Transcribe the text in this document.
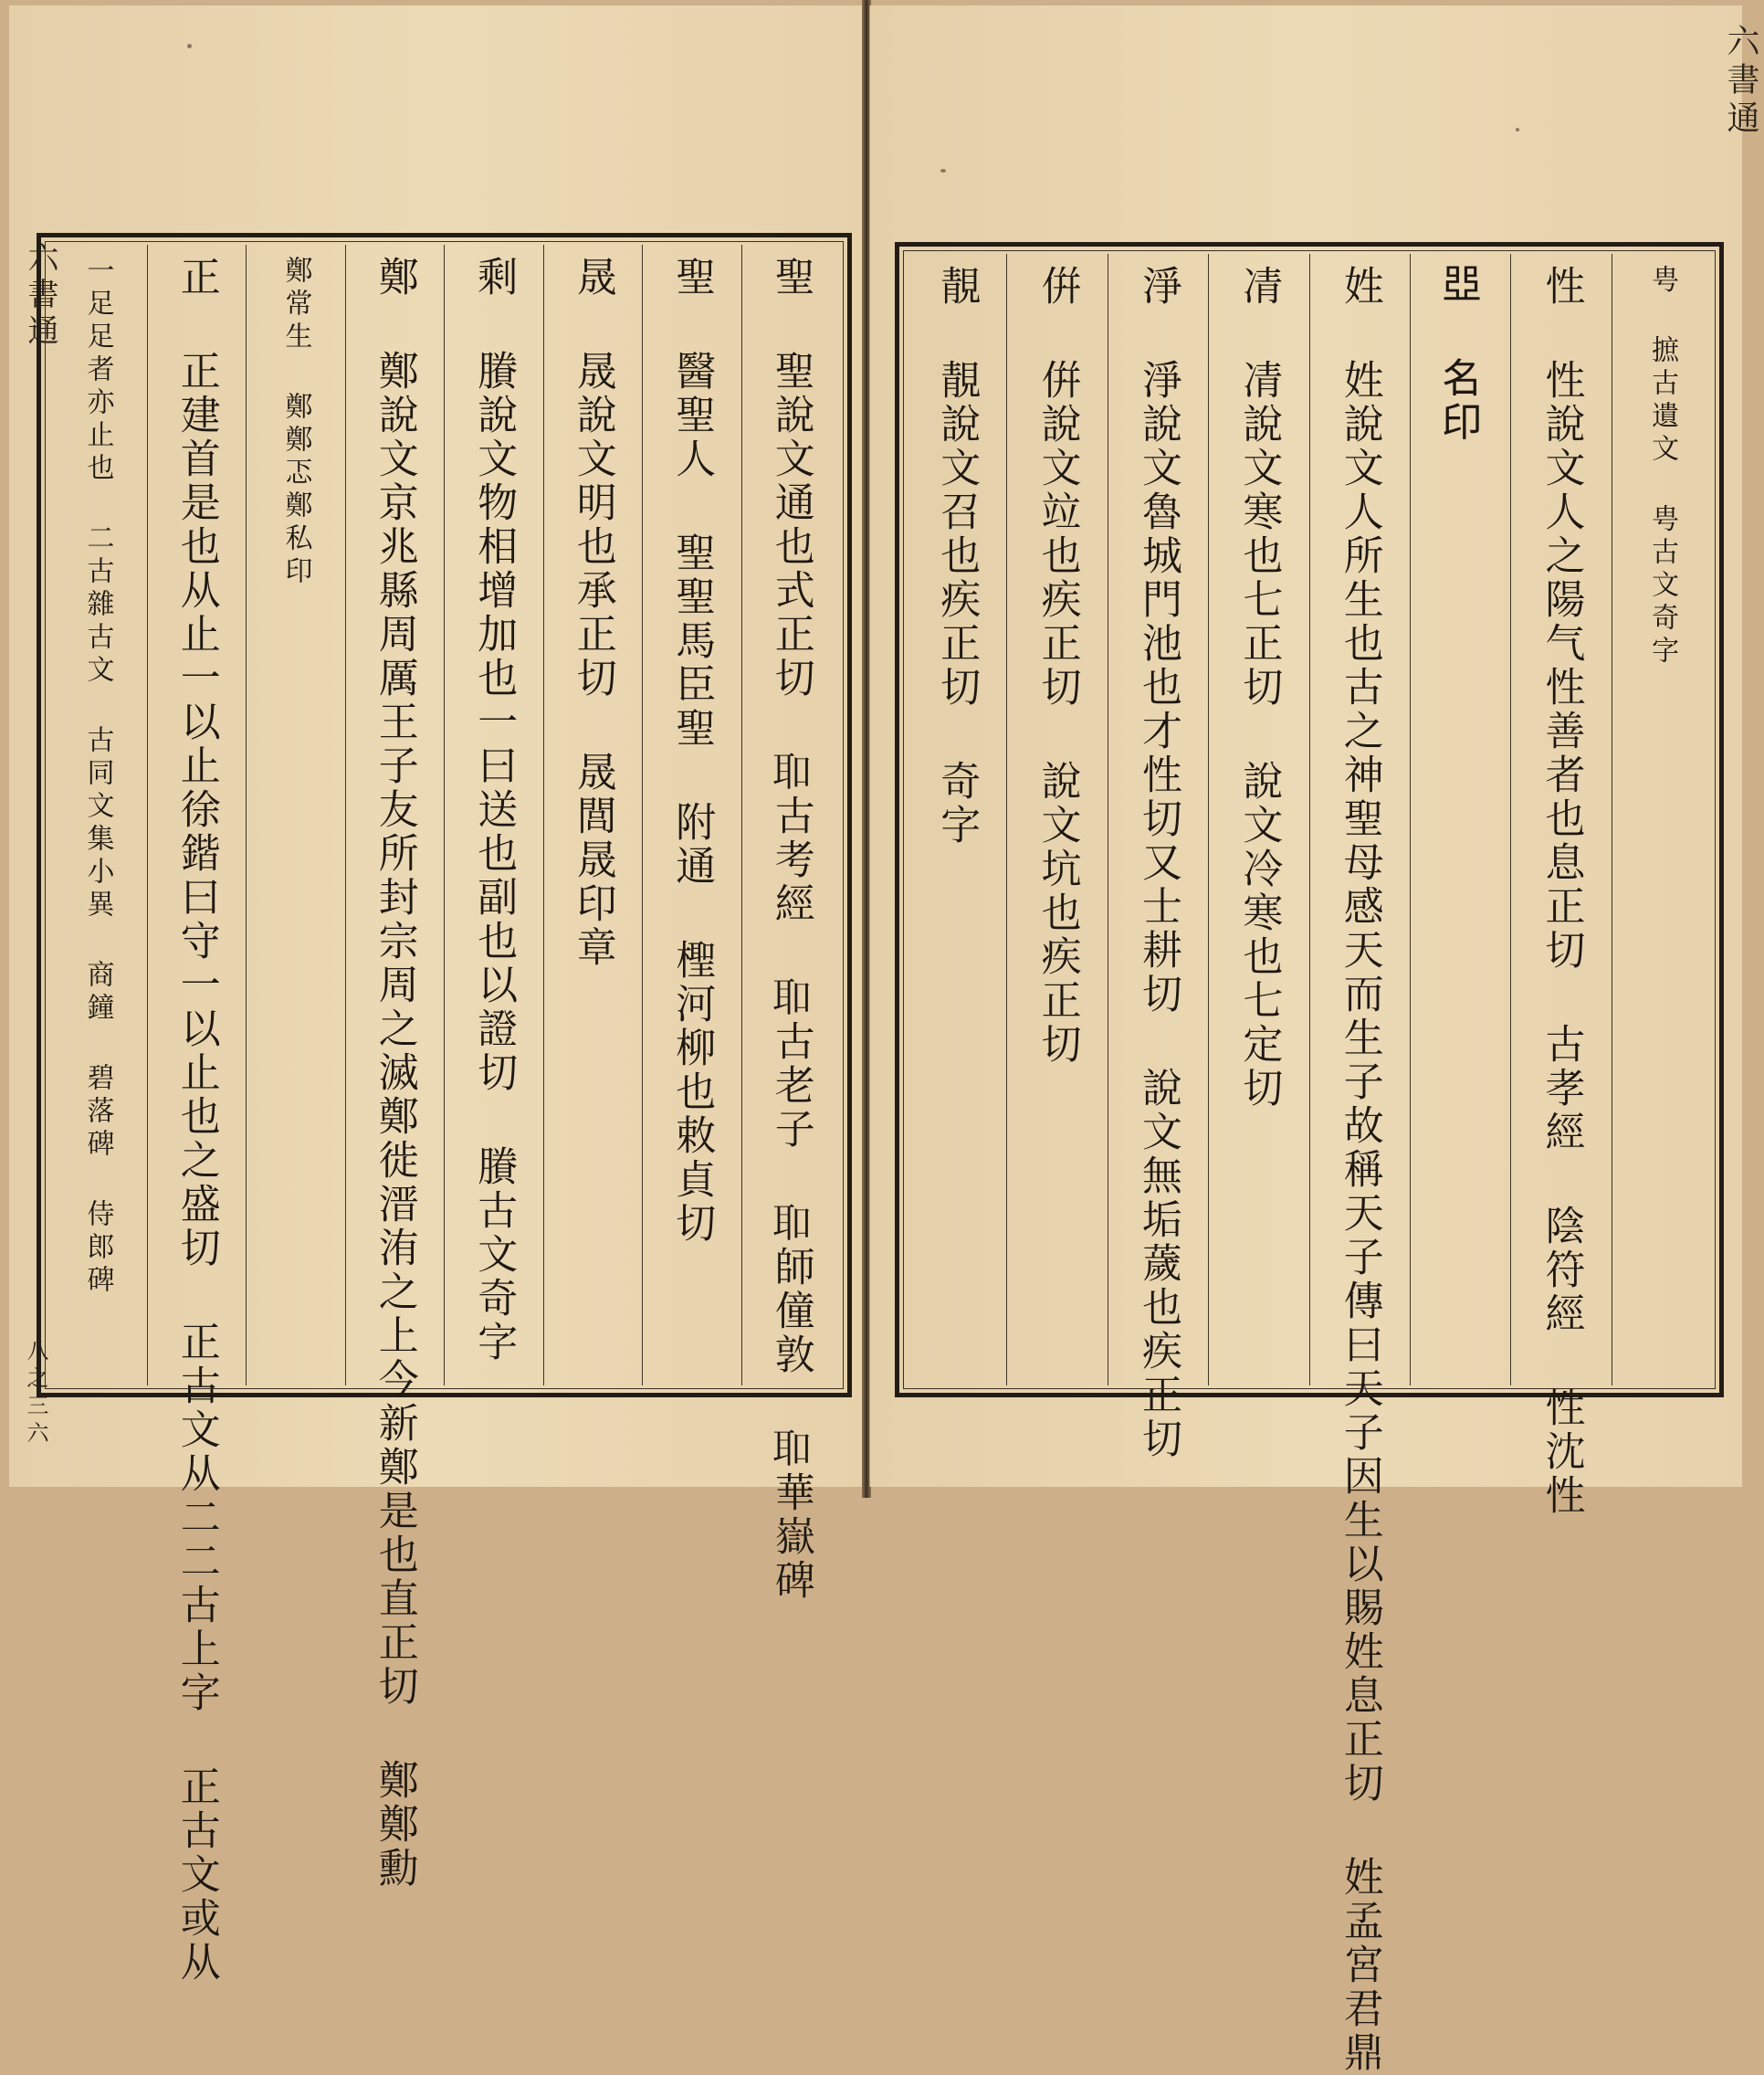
六書通
八之三六
六書通
聖 聖說文通也式正切 𦔻古考經 𦔻古老子 𦔻師僮敦 𦔻華嶽碑
聖 醫聖人 聖聖馬臣聖 附通 檉河柳也敕貞切
晟 晟說文明也承正切 晟閭晟印章
剩 賸說文物相增加也一曰送也副也以證切 賸古文奇字
鄭 鄭說文京兆縣周厲王子友所封宗周之滅鄭徙溍洧之上今新鄭是也直正切 鄭鄭勳
鄭常生 鄭鄭忑鄭私印
正 正建首是也从止一以止徐鍇曰守一以止也之盛切 正古文从二二古上字 正古文或从
一足足者亦止也 二古雜古文 古同文集小異 商鐘 碧落碑 侍郎碑	甹 摭古遺文 甹古文奇字
性 性說文人之陽气性善者也息正切 古孝經 陰符經 性沈性
𠁁 名印
姓 姓說文人所生也古之神聖母感天而生子故稱天子傳曰天子因生以賜姓息正切 姓孟宮君鼎
凊 凊說文寒也七正切 說文冷寒也七定切
淨 淨說文魯城門池也才性切又士耕切 說文無垢薉也疾正切
倂 倂說文竝也疾正切 說文坑也疾正切
靚 靚說文召也疾正切 奇字
